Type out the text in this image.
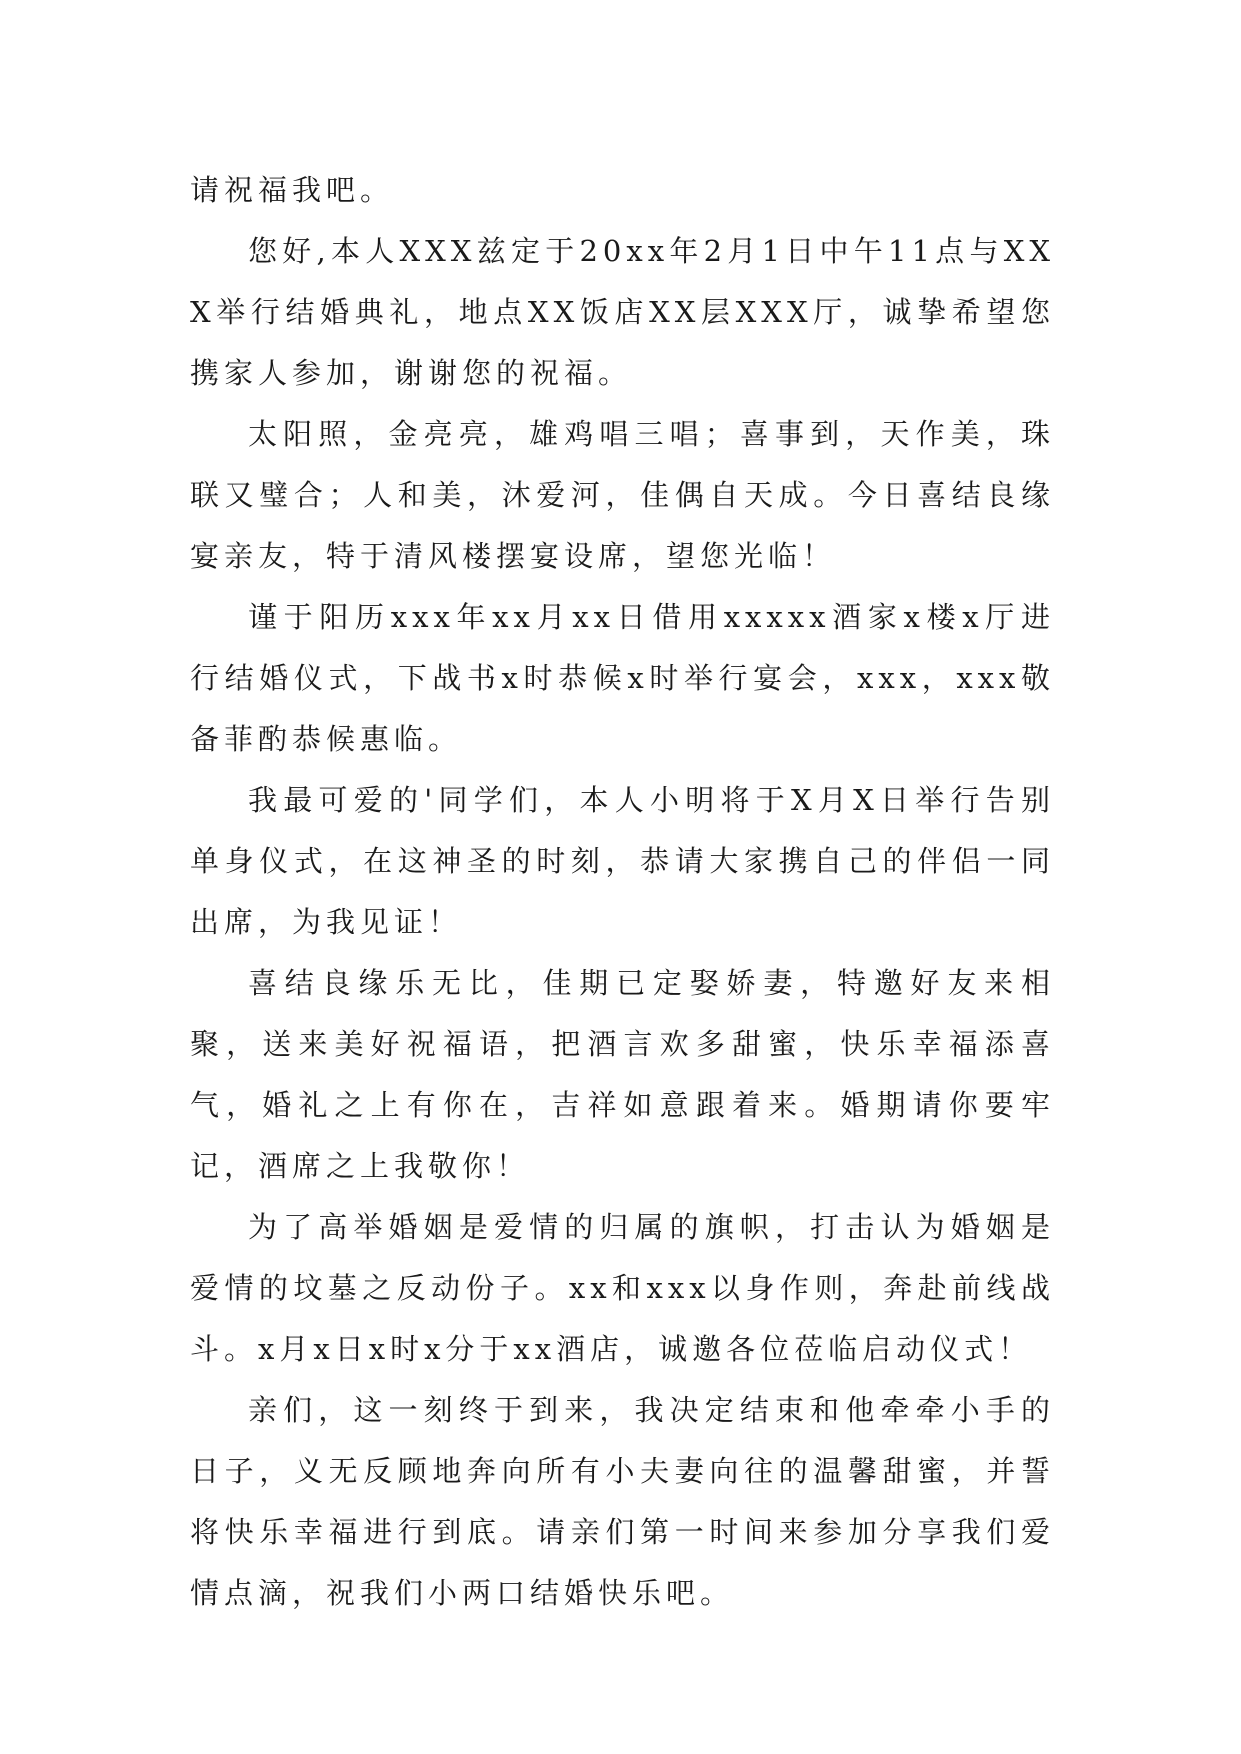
请祝福我吧。

您好,本人XXX兹定于20xx年2月1日中午11点与XXX举行结婚典礼，地点XX饭店XX层XXX厅，诚挚希望您携家人参加，谢谢您的祝福。

太阳照，金亮亮，雄鸡唱三唱；喜事到，天作美，珠联又璧合；人和美，沐爱河，佳偶自天成。今日喜结良缘宴亲友，特于清风楼摆宴设席，望您光临！

谨于阳历xxx年xx月xx日借用xxxxx酒家x楼x厅进行结婚仪式，下战书x时恭候x时举行宴会，xxx，xxx敬备菲酌恭候惠临。

我最可爱的'同学们，本人小明将于X月X日举行告别单身仪式，在这神圣的时刻，恭请大家携自己的伴侣一同出席，为我见证！

喜结良缘乐无比，佳期已定娶娇妻，特邀好友来相聚，送来美好祝福语，把酒言欢多甜蜜，快乐幸福添喜气，婚礼之上有你在，吉祥如意跟着来。婚期请你要牢记，酒席之上我敬你！

为了高举婚姻是爱情的归属的旗帜，打击认为婚姻是爱情的坟墓之反动份子。xx和xxx以身作则，奔赴前线战斗。x月x日x时x分于xx酒店，诚邀各位莅临启动仪式！

亲们，这一刻终于到来，我决定结束和他牵牵小手的日子，义无反顾地奔向所有小夫妻向往的温馨甜蜜，并誓将快乐幸福进行到底。请亲们第一时间来参加分享我们爱情点滴，祝我们小两口结婚快乐吧。
